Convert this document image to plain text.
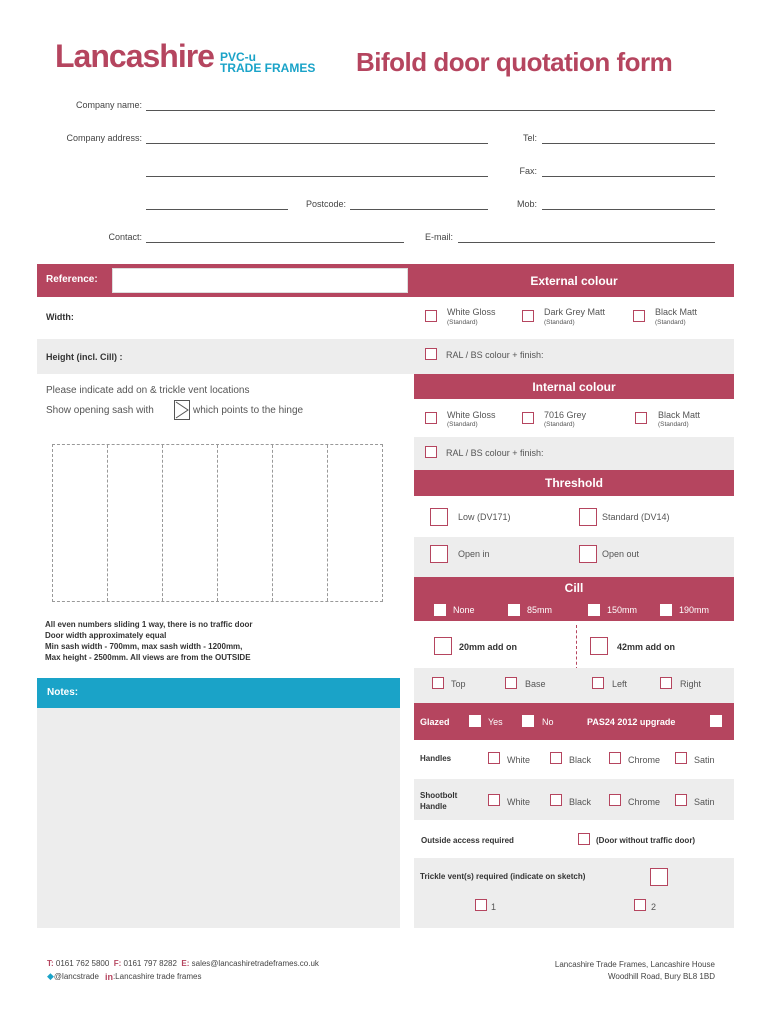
Lancashire PVC-u
TRADE FRAMES Bifold door quotation form
Company name:
Company address:	Tel:
Fax:
Postcode:	Mob:
Contact:	E-mail:
Reference:
Width:
Height (incl. Cill) :
Please indicate add on & trickle vent locations
Show opening sash with	which points to the hinge
All even numbers sliding 1 way, there is no traffic door
Door width approximately equal
Min sash width - 700mm, max sash width - 1200mm,
Max height - 2500mm. All views are from the OUTSIDE
Notes:
External colour
White Gloss
(Standard)
Dark Grey Matt
(Standard)
Black Matt
(Standard)
RAL / BS colour + finish:
Internal colour
White Gloss
(Standard)
7016 Grey
(Standard)
Black Matt
(Standard)
RAL / BS colour + finish:
Threshold
Low (DV171)	Standard (DV14)
Open in	Open out
Cill
None	85mm	150mm	190mm
20mm add on	42mm add on
Top	Base	Left	Right
Glazed	Yes	No	PAS24 2012 upgrade
Handles	White	Black	Chrome	Satin
Shootbolt
Handle	White	Black	Chrome	Satin
Outside access required	(Door without traffic door)
Trickle vent(s) required (indicate on sketch)
1	2
T: 0161 762 5800 F: 0161 797 8282 E: sales@lancashiretradeframes.co.uk
◆ @lancstrade in :Lancashire trade frames
Lancashire Trade Frames, Lancashire House
Woodhill Road, Bury BL8 1BD
